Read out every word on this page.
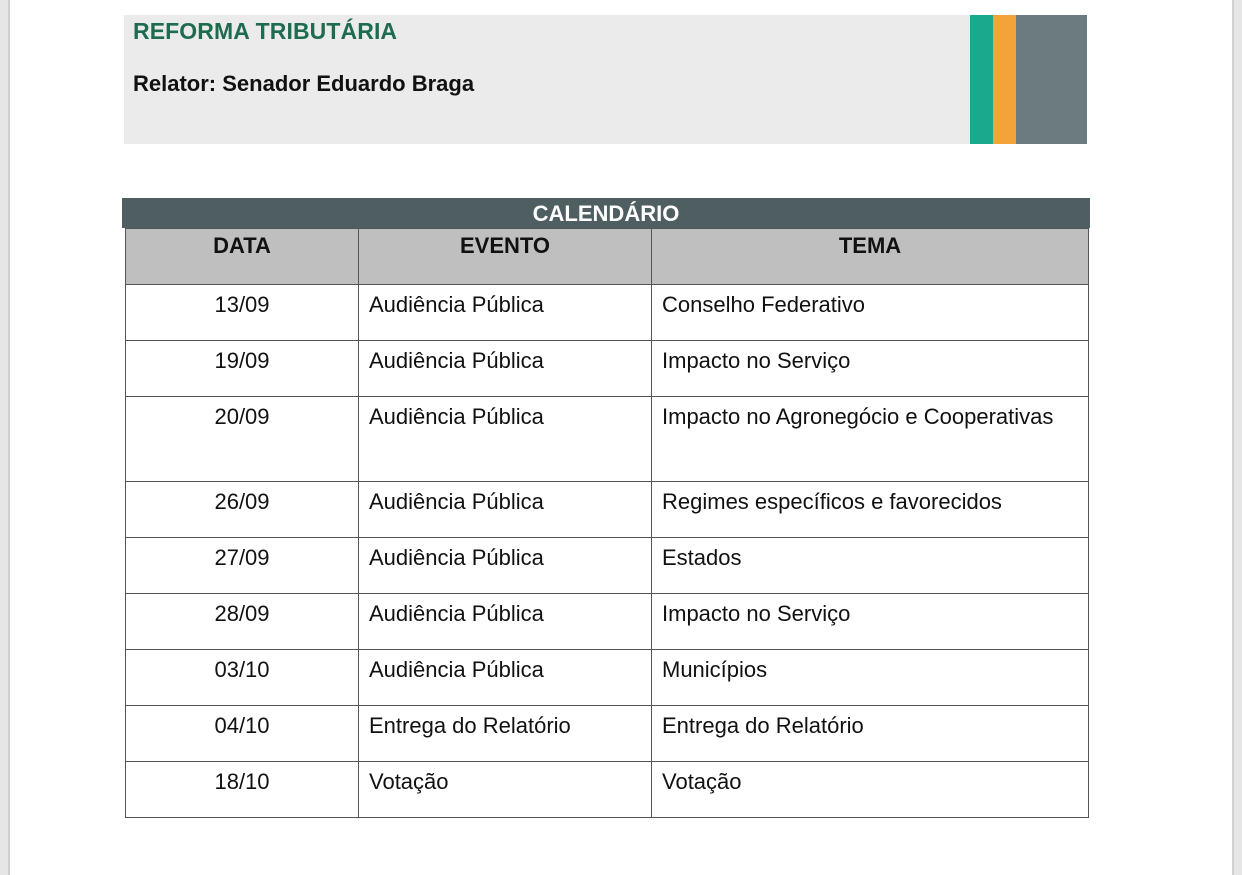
REFORMA TRIBUTÁRIA
Relator: Senador Eduardo Braga
CALENDÁRIO
DATA	EVENTO	TEMA
13/09	Audiência Pública	Conselho Federativo
19/09	Audiência Pública	Impacto no Serviço
20/09	Audiência Pública	Impacto no Agronegócio e Cooperativas
26/09	Audiência Pública	Regimes específicos e favorecidos
27/09	Audiência Pública	Estados
28/09	Audiência Pública	Impacto no Serviço
03/10	Audiência Pública	Municípios
04/10	Entrega do Relatório	Entrega do Relatório
18/10	Votação	Votação
